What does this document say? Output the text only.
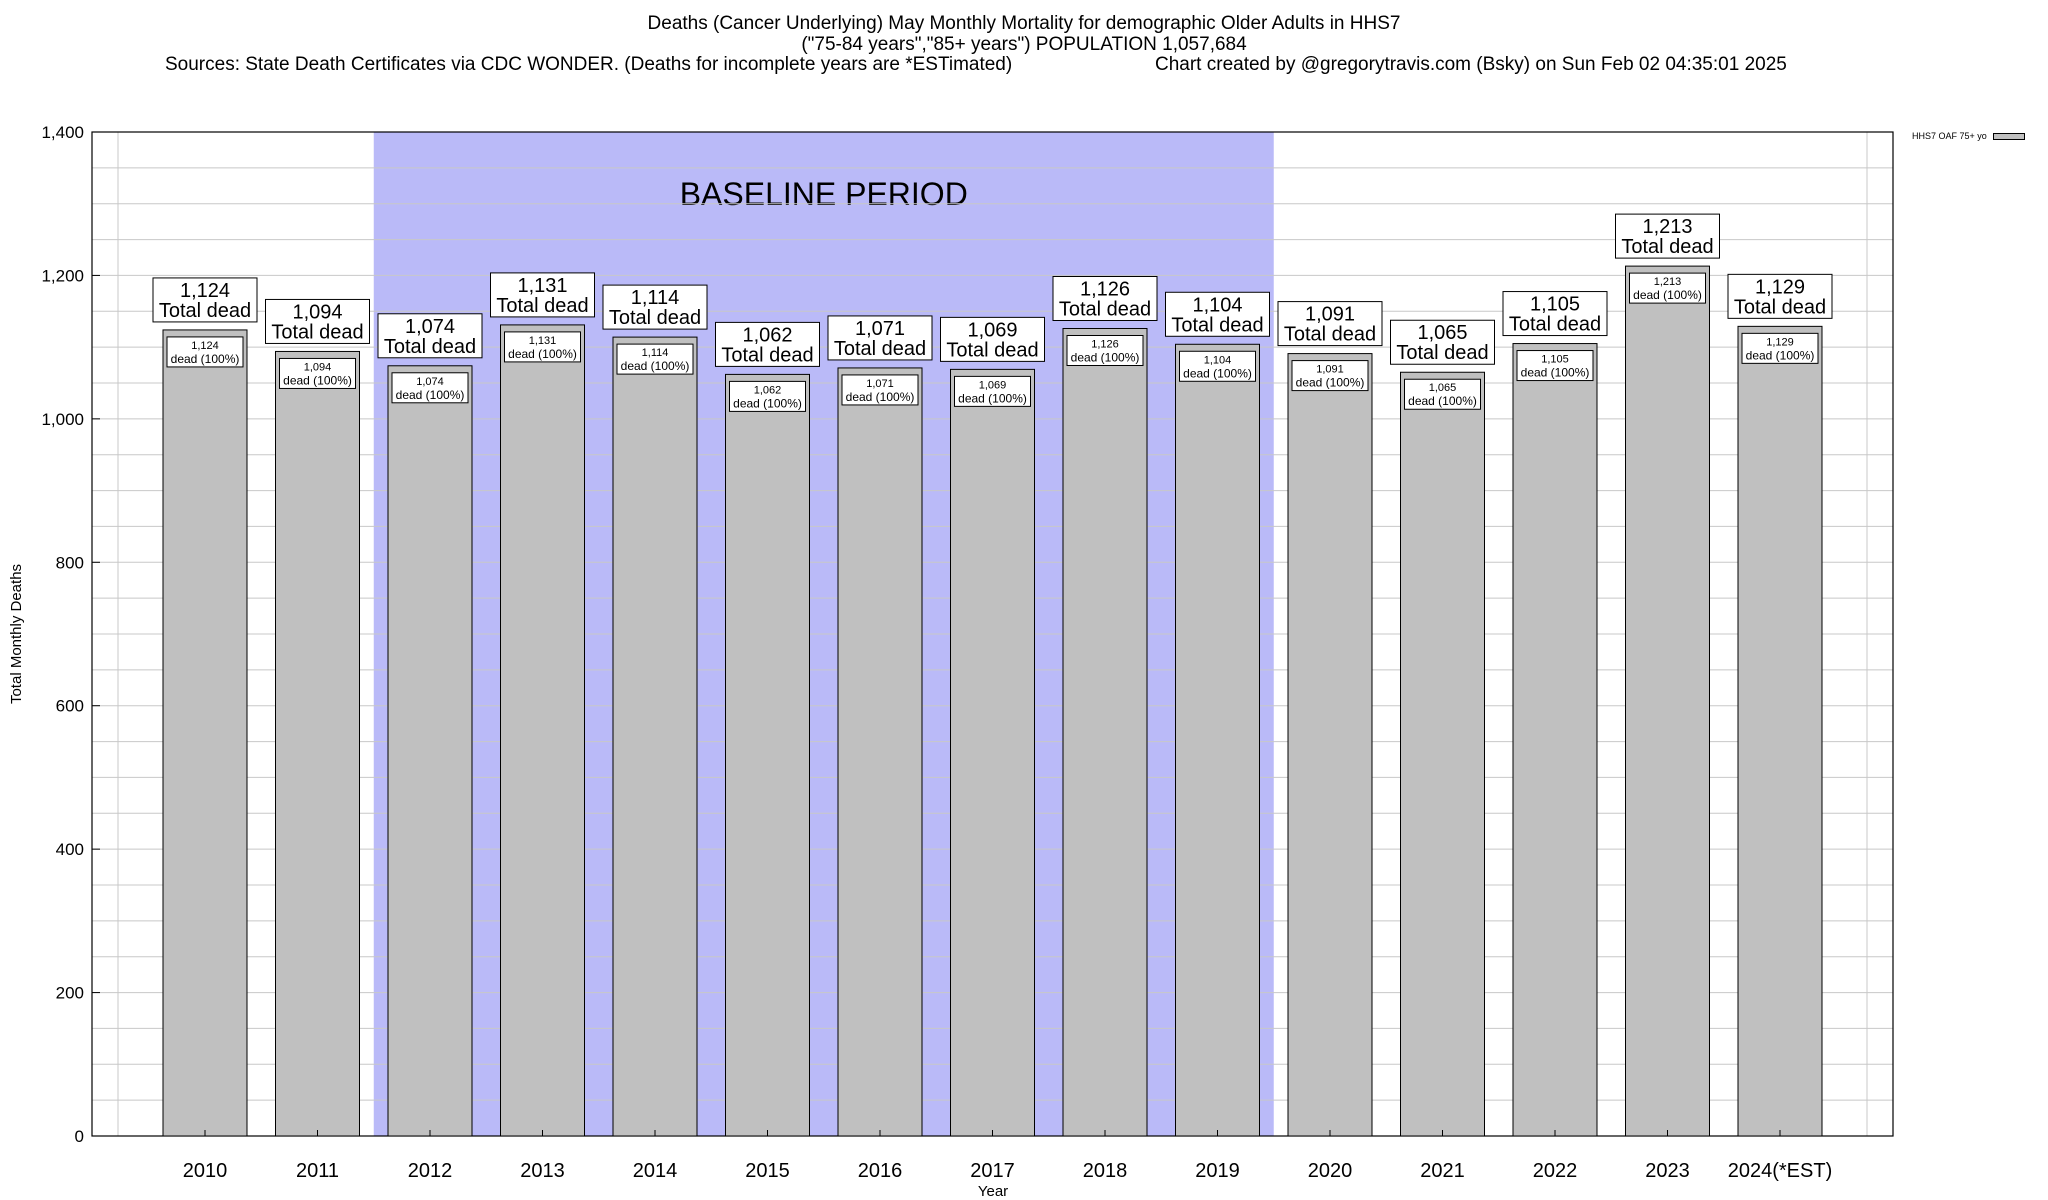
Deaths (Cancer Underlying) May Monthly Mortality for demographic Older Adults in HHS7
("75-84 years","85+ years") POPULATION 1,057,684
Sources: State Death Certificates via CDC WONDER. (Deaths for incomplete years are *ESTimated)	Chart created by @gregorytravis.com (Bsky) on Sun Feb 02 04:35:01 2025
BASELINE PERIOD
0
200
400
600
800
1,000
1,200
1,400
Total Monthly Deaths
Year
1,124
dead (100%)
1,124
Total dead
2010
1,094
dead (100%)
1,094
Total dead
2011
1,074
dead (100%)
1,074
Total dead
2012
1,131
dead (100%)
1,131
Total dead
2013
1,114
dead (100%)
1,114
Total dead
2014
1,062
dead (100%)
1,062
Total dead
2015
1,071
dead (100%)
1,071
Total dead
2016
1,069
dead (100%)
1,069
Total dead
2017
1,126
dead (100%)
1,126
Total dead
2018
1,104
dead (100%)
1,104
Total dead
2019
1,091
dead (100%)
1,091
Total dead
2020
1,065
dead (100%)
1,065
Total dead
2021
1,105
dead (100%)
1,105
Total dead
2022
1,213
dead (100%)
1,213
Total dead
2023
1,129
dead (100%)
1,129
Total dead
2024(*EST)
HHS7 OAF 75+ yo
